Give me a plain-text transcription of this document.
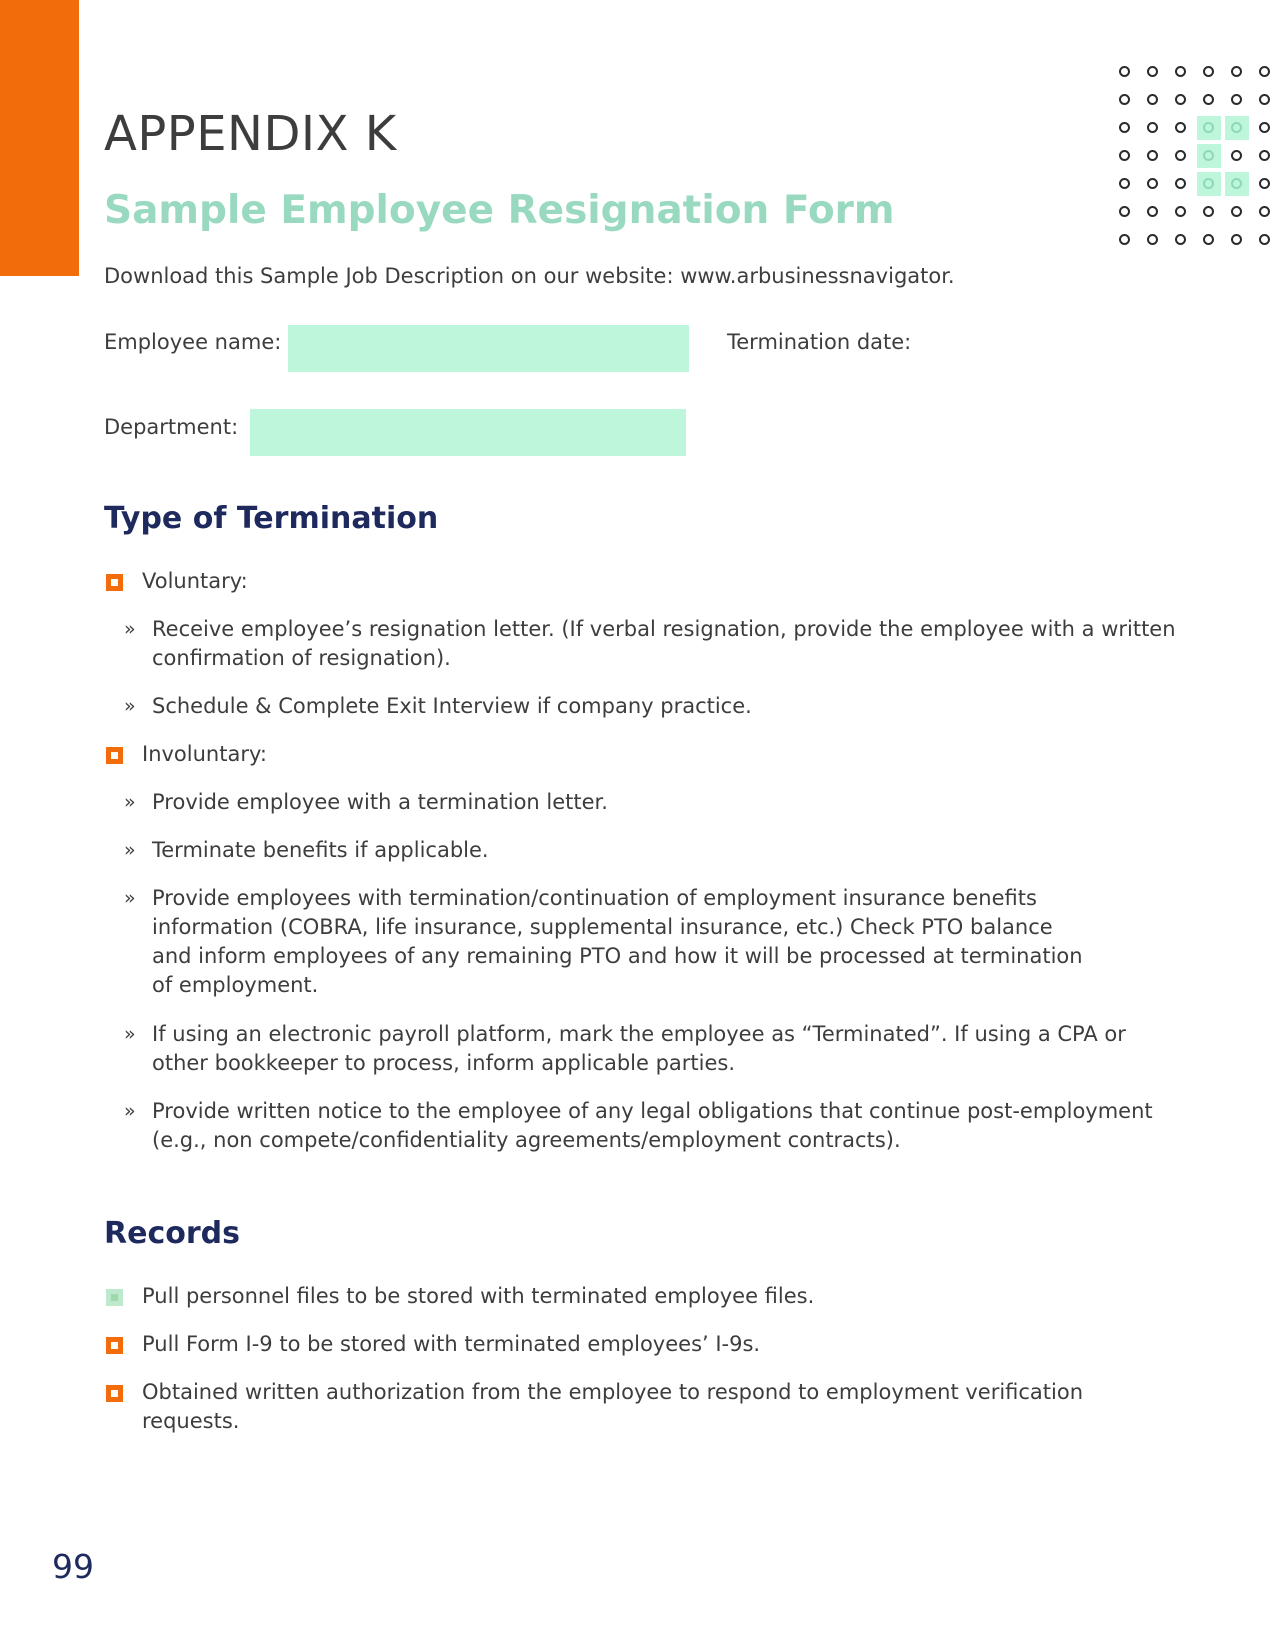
APPENDIX K
Sample Employee Resignation Form

Download this Sample Job Description on our website: www.arbusinessnavigator.

Employee name:	Termination date:
Department:
Type of Termination
Voluntary:
» Receive employee’s resignation letter. (If verbal resignation, provide the employee with a written confirmation of resignation).
» Schedule & Complete Exit Interview if company practice.
Involuntary:
» Provide employee with a termination letter.
» Terminate benefits if applicable.
» Provide employees with termination/continuation of employment insurance benefits information (COBRA, life insurance, supplemental insurance, etc.) Check PTO balance and inform employees of any remaining PTO and how it will be processed at termination of employment.
» If using an electronic payroll platform, mark the employee as “Terminated”. If using a CPA or other bookkeeper to process, inform applicable parties.
» Provide written notice to the employee of any legal obligations that continue post-employment (e.g., non compete/confidentiality agreements/employment contracts).
Records
Pull personnel files to be stored with terminated employee files.
Pull Form I-9 to be stored with terminated employees’ I-9s.
Obtained written authorization from the employee to respond to employment verification requests.

99
